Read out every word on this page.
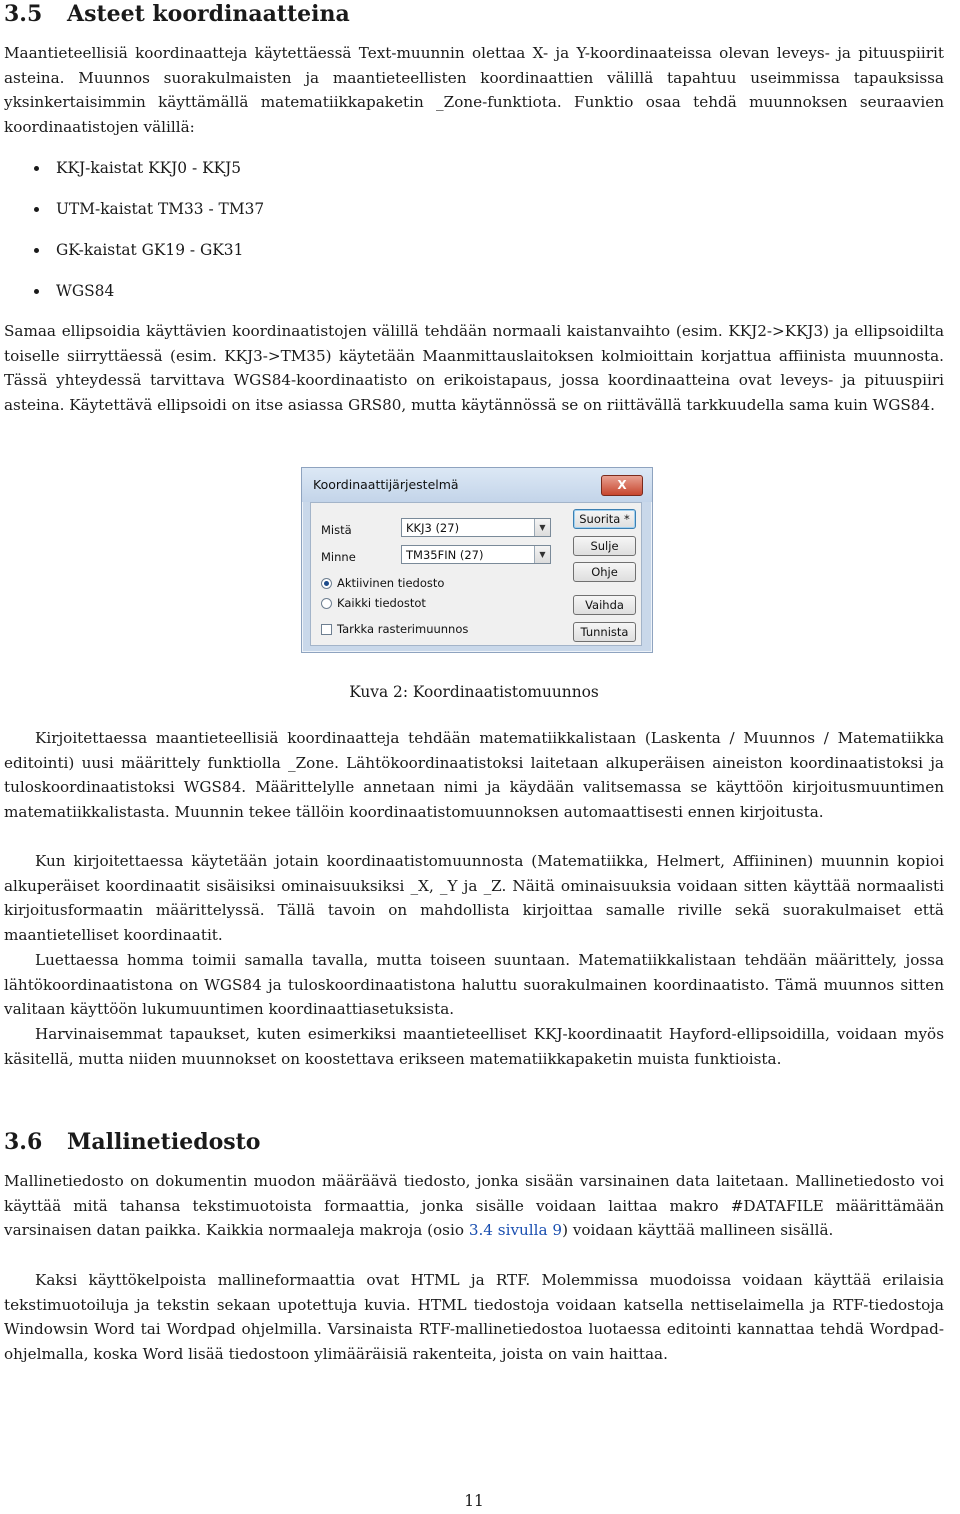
3.5 Asteet koordinaatteina

Maantieteellisiä koordinaatteja käytettäessä Text-muunnin olettaa X- ja Y-koordinaateissa olevan leveys- ja pituuspiirit asteina. Muunnos suorakulmaisten ja maantieteellisten koordinaattien välillä tapahtuu useimmissa tapauksissa yksinkertaisimmin käyttämällä matematiikkapaketin _Zone-funktiota. Funktio osaa tehdä muunnoksen seuraavien koordinaatistojen välillä:

KKJ-kaistat KKJ0 - KKJ5
UTM-kaistat TM33 - TM37
GK-kaistat GK19 - GK31
WGS84

Samaa ellipsoidia käyttävien koordinaatistojen välillä tehdään normaali kaistanvaihto (esim. KKJ2->KKJ3) ja ellipsoidilta toiselle siirryttäessä (esim. KKJ3->TM35) käytetään Maanmittauslaitoksen kolmioittain korjattua affiinista muunnosta. Tässä yhteydessä tarvittava WGS84-koordinaatisto on erikoistapaus, jossa koordinaatteina ovat leveys- ja pituuspiiri asteina. Käytettävä ellipsoidi on itse asiassa GRS80, mutta käytännössä se on riittävällä tarkkuudella sama kuin WGS84.

Koordinaattijärjestelmä	X
Mistä	KKJ3 (27)	▼
Minne	TM35FIN (27)	▼
Aktiivinen tiedosto
Kaikki tiedostot
Tarkka rasterimuunnos
Suorita *
Sulje
Ohje
Vaihda
Tunnista
Kuva 2: Koordinaatistomuunnos

Kirjoitettaessa maantieteellisiä koordinaatteja tehdään matematiikkalistaan (Laskenta / Muunnos / Matematiikka editointi) uusi määrittely funktiolla _Zone. Lähtökoordinaatistoksi laitetaan alkuperäisen aineiston koordinaatistoksi ja tuloskoordinaatistoksi WGS84. Määrittelylle annetaan nimi ja käydään valitsemassa se käyttöön kirjoitusmuuntimen matematiikkalistasta. Muunnin tekee tällöin koordinaatistomuunnoksen automaattisesti ennen kirjoitusta.

Kun kirjoitettaessa käytetään jotain koordinaatistomuunnosta (Matematiikka, Helmert, Affiininen) muunnin kopioi alkuperäiset koordinaatit sisäisiksi ominaisuuksiksi _X, _Y ja _Z. Näitä ominaisuuksia voidaan sitten käyttää normaalisti kirjoitusformaatin määrittelyssä. Tällä tavoin on mahdollista kirjoittaa samalle riville sekä suorakulmaiset että maantietelliset koordinaatit.

Luettaessa homma toimii samalla tavalla, mutta toiseen suuntaan. Matematiikkalistaan tehdään määrittely, jossa lähtökoordinaatistona on WGS84 ja tuloskoordinaatistona haluttu suorakulmainen koordinaatisto. Tämä muunnos sitten valitaan käyttöön lukumuuntimen koordinaattiasetuksista.

Harvinaisemmat tapaukset, kuten esimerkiksi maantieteelliset KKJ-koordinaatit Hayford-ellipsoidilla, voidaan myös käsitellä, mutta niiden muunnokset on koostettava erikseen matematiikkapaketin muista funktioista.

3.6 Mallinetiedosto

Mallinetiedosto on dokumentin muodon määräävä tiedosto, jonka sisään varsinainen data laitetaan. Mallinetiedosto voi käyttää mitä tahansa tekstimuotoista formaattia, jonka sisälle voidaan laittaa makro #DATAFILE määrittämään varsinaisen datan paikka. Kaikkia normaaleja makroja (osio 3.4 sivulla 9) voidaan käyttää mallineen sisällä.

Kaksi käyttökelpoista mallineformaattia ovat HTML ja RTF. Molemmissa muodoissa voidaan käyttää erilaisia tekstimuotoiluja ja tekstin sekaan upotettuja kuvia. HTML tiedostoja voidaan katsella nettiselaimella ja RTF-tiedostoja Windowsin Word tai Wordpad ohjelmilla. Varsinaista RTF-mallinetiedostoa luotaessa editointi kannattaa tehdä Wordpad-ohjelmalla, koska Word lisää tiedostoon ylimääräisiä rakenteita, joista on vain haittaa.

11
